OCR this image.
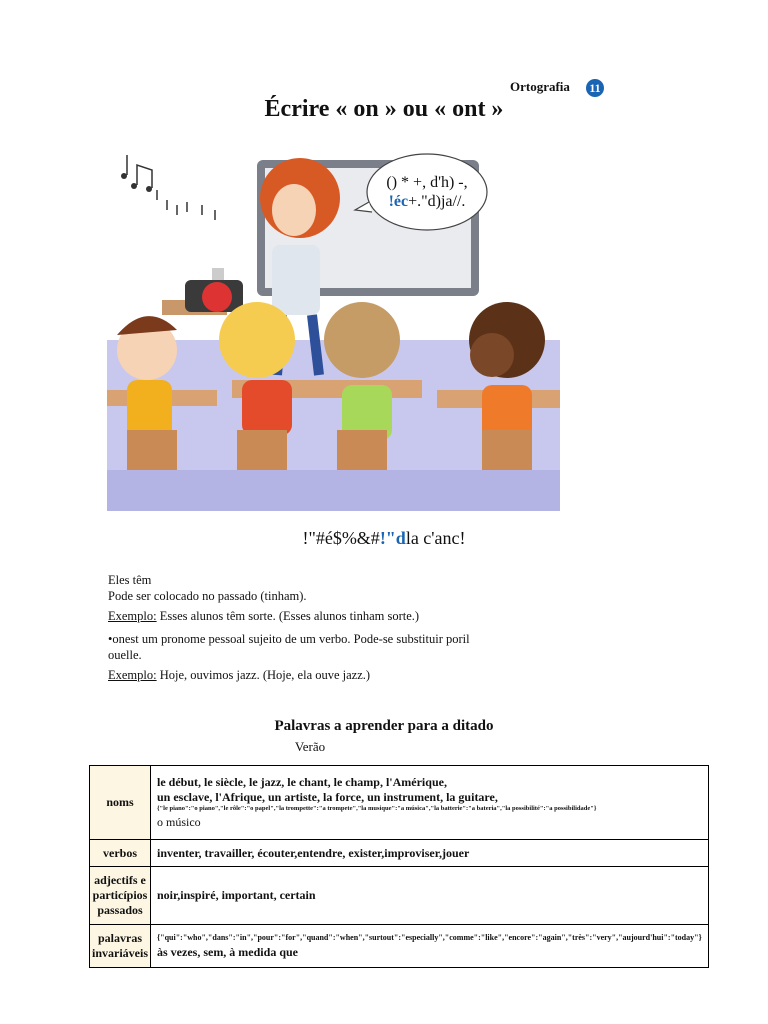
Ortografia 11
Écrire « on » ou « ont »
() * +, d'h) -,
!éc+."d)ja//.
!"#é$%&#!"dla c'anc!
Eles têm
Pode ser colocado no passado (tinham).
Exemplo: Esses alunos têm sorte. (Esses alunos tinham sorte.)
•onest um pronome pessoal sujeito de um verbo. Pode-se substituir poril
ouelle.
Exemplo: Hoje, ouvimos jazz. (Hoje, ela ouve jazz.)
Palavras a aprender para a ditado
Verão
noms	le début, le siècle, le jazz, le chant, le champ, l'Amérique,
un esclave, l'Afrique, un artiste, la force, un instrument, la guitare,
{"le piano":"o piano","le rôle":"o papel","la trompette":"a trompete","la musique":"a música","la batterie":"a bateria","la possibilité":"a possibilidade"}
o músico

verbos	inventer, travailler, écouter,entendre, exister,improviser,jouer
adjectifs e particípios passados	noir,inspiré, important, certain
palavras invariáveis	{"qui":"who","dans":"in","pour":"for","quand":"when","surtout":"especially","comme":"like","encore":"again","très":"very","aujourd'hui":"today"}
às vezes, sem, à medida que
